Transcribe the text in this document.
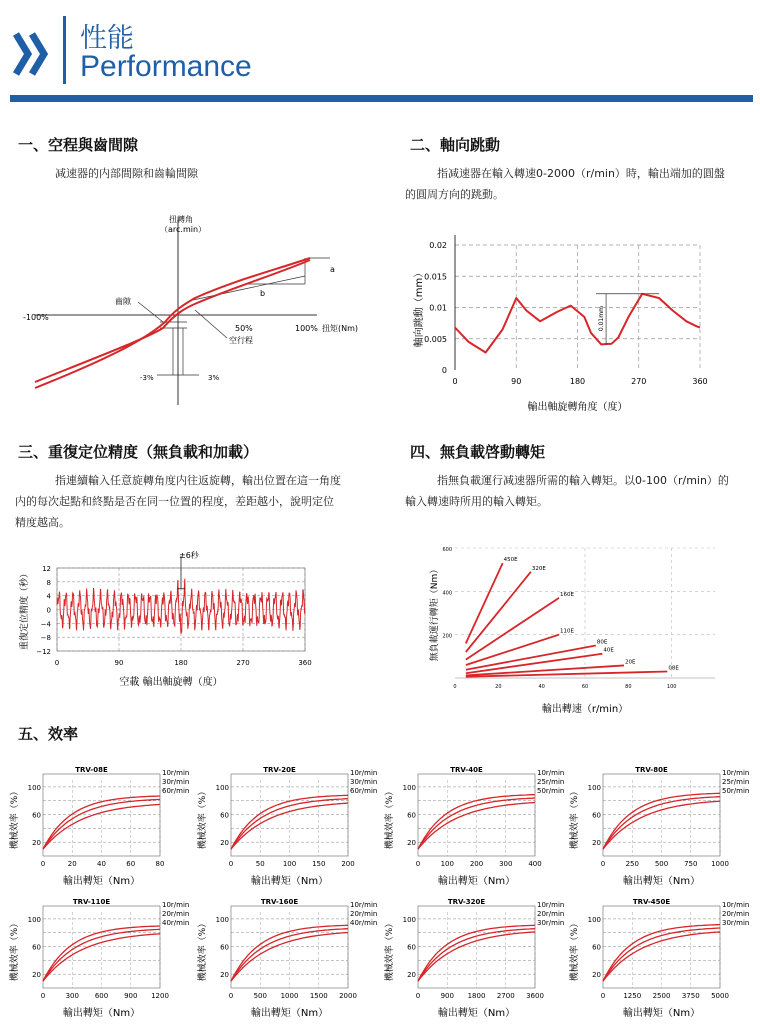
性能
Performance
一、空程與齒間隙
减速器的内部間隙和齒輪間隙
扭轉角
（arc.min）
扭矩(Nm)
-100%
50%	100%
齒隙
空行程
a
b
-3%	3%
二、軸向跳動
指减速器在輸入轉速0-2000（r/min）時，輸出端加的圓盤
的圓周方向的跳動。
0
0.005
0.01
0.015
0.02
0	90	180	270	360
軸向跳動（mm）
輸出軸旋轉角度（度）
0.01mm
三、重復定位精度（無負載和加載）
指連續輸入任意旋轉角度内往返旋轉，輸出位置在這一角度
内的每次起點和終點是否在同一位置的程度，差距越小，說明定位
精度越高。
12
8
4
0
−4
−8
−12
0	90	180	270	360
±6秒
重復定位精度（秒）
空載 輸出軸旋轉（度）
四、無負載啓動轉矩
指無負載運行减速器所需的輸入轉矩。以0-100（r/min）的
輸入轉速時所用的輸入轉矩。
200
400
600
0	20	40	60	80	100
450E
320E
160E
110E
80E
40E
20E
08E
無負載運行轉矩（Nm）
輸出轉速（r/min）
五、效率
TRV-08E
100
60
20
0	20	40	60	80
10r/min
30r/min
60r/min
機械效率（%）
輸出轉矩（Nm）
TRV-20E
100
60
20
0	50	100 150 200
10r/min
30r/min
60r/min
機械效率（%）
輸出轉矩（Nm）
TRV-40E
100
60
20
0	100 200 300 400
10r/min
25r/min
50r/min
機械效率（%）
輸出轉矩（Nm）
TRV-80E
100
60
20
0	250 500 750 1000
10r/min
25r/min
50r/min
機械效率（%）
輸出轉矩（Nm）
TRV-110E
100
60
20
0	300 600 900 1200
10r/min
20r/min
40r/min
機械效率（%）
輸出轉矩（Nm）
TRV-160E
100
60
20
0	500 1000 1500 2000
10r/min
20r/min
40r/min
機械效率（%）
輸出轉矩（Nm）
TRV-320E
100
60
20
0	900 1800 2700 3600
10r/min
20r/min
30r/min
機械效率（%）
輸出轉矩（Nm）
TRV-450E
100
60
20
0	1250 2500 3750 5000
10r/min
20r/min
30r/min
機械效率（%）
輸出轉矩（Nm）
